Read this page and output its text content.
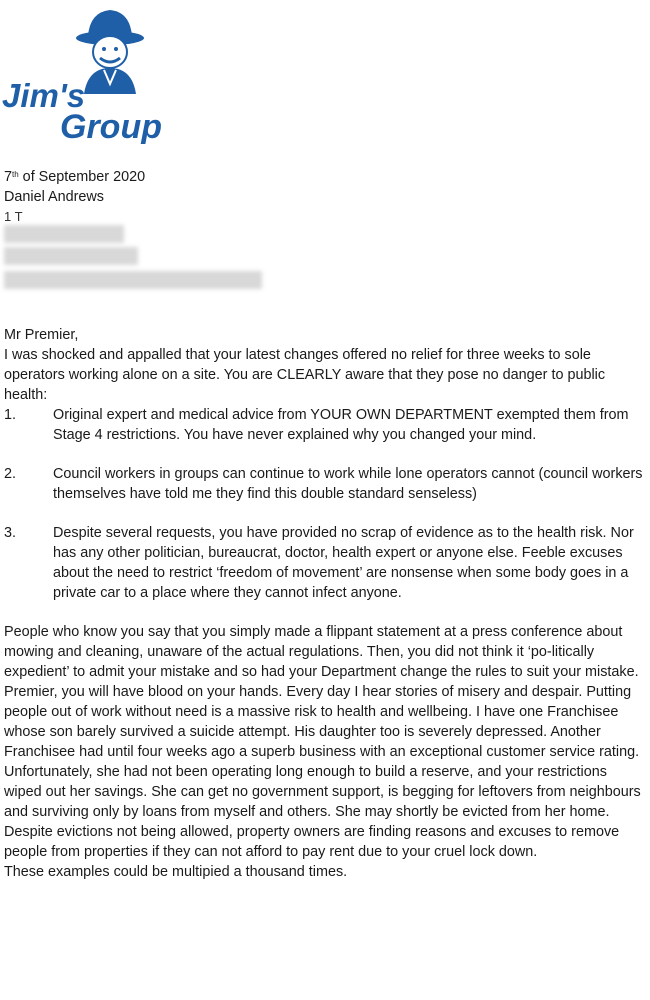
Jim's
Group

7th of September 2020

Daniel Andrews

1 T

Mr Premier,

I was shocked and appalled that your latest changes offered no relief for three weeks to sole operators working alone on a site. You are CLEARLY aware that they pose no danger to public health:

1.	Original expert and medical advice from YOUR OWN DEPARTMENT exempted them from Stage 4 restrictions. You have never explained why you changed your mind.
2.	Council workers in groups can continue to work while lone operators cannot (council workers themselves have told me they find this double standard senseless)
3.	Despite several requests, you have provided no scrap of evidence as to the health risk. Nor has any other politician, bureaucrat, doctor, health expert or anyone else. Feeble excuses about the need to restrict ‘freedom of movement’ are nonsense when some body goes in a private car to a place where they cannot infect anyone.

People who know you say that you simply made a flippant statement at a press conference about mowing and cleaning, unaware of the actual regulations. Then, you did not think it ‘po-litically expedient’ to admit your mistake and so had your Department change the rules to suit your mistake.

Premier, you will have blood on your hands. Every day I hear stories of misery and despair. Putting people out of work without need is a massive risk to health and wellbeing. I have one Franchisee whose son barely survived a suicide attempt. His daughter too is severely depressed. Another Franchisee had until four weeks ago a superb business with an exceptional customer service rating. Unfortunately, she had not been operating long enough to build a reserve, and your restrictions wiped out her savings. She can get no government support, is begging for leftovers from neighbours and surviving only by loans from myself and others. She may shortly be evicted from her home. Despite evictions not being allowed, property owners are finding reasons and excuses to remove people from properties if they can not afford to pay rent due to your cruel lock down.

These examples could be multipied a thousand times.
